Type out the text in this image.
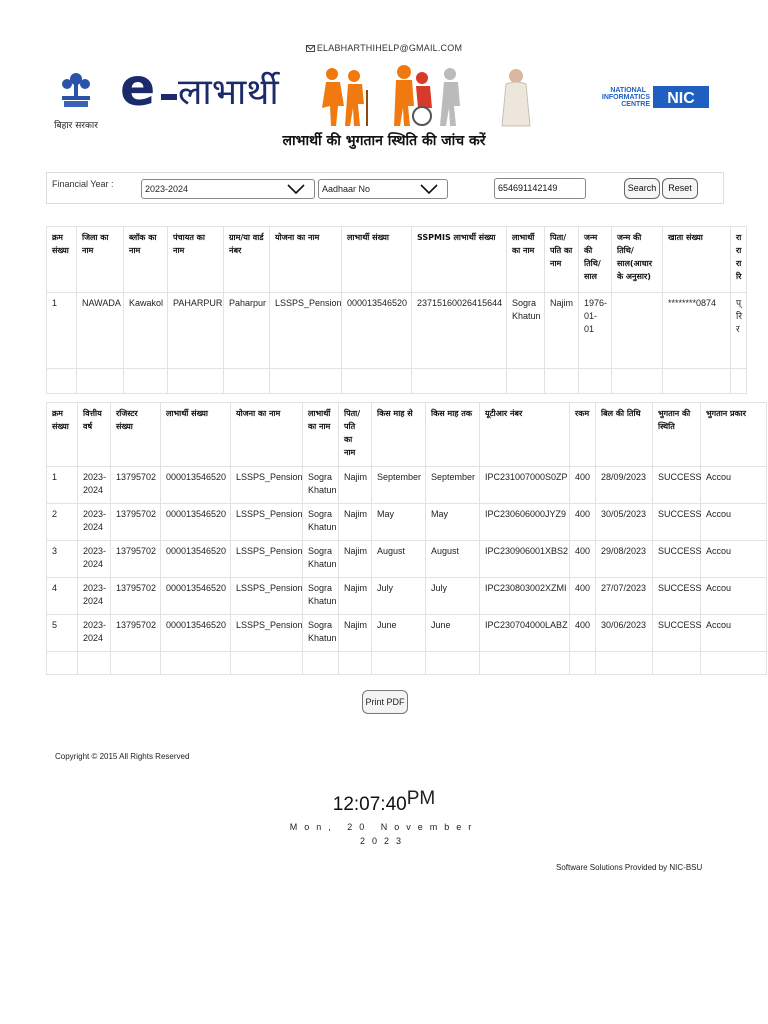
ELABHARTHIHELP@GMAIL.COM
बिहार सरकार
e लाभार्थी	NATIONAL
INFORMATICS
CENTRE NIC
लाभार्थी की भुगतान स्थिति की जांच करें
Financial Year :	2023-2024	Aadhaar No	654691142149	Search	Reset
क्रम संख्या	जिला का नाम	ब्लॉक का नाम	पंचायत का नाम	ग्राम/या वार्ड नंबर	योजना का नाम	लाभार्थी संख्या	SSPMIS लाभार्थी संख्या	लाभार्थी का नाम	पिता/ पति का नाम	जन्म की तिथि/ साल	जन्म की तिथि/ साल(आधार के अनुसार)	खाता संख्या	रा रा रा रि
1	NAWADA	Kawakol	PAHARPUR	Paharpur	LSSPS_Pension	000013546520	23715160026415644	Sogra Khatun	Najim	1976-01-01		********0874	प् रि र

क्रम संख्या	वित्तीय वर्ष	रजिस्टर संख्या	लाभार्थी संख्या	योजना का नाम	लाभार्थी का नाम	पिता/ पति का नाम	किस माह से	किस माह तक	यूटीआर नंबर	रकम	बिल की तिथि	भुगतान की स्थिति	भुगतान प्रकार
1	2023-2024	13795702	000013546520	LSSPS_Pension	Sogra Khatun	Najim	September	September	IPC231007000S0ZP	400	28/09/2023	SUCCESS	Accou
2	2023-2024	13795702	000013546520	LSSPS_Pension	Sogra Khatun	Najim	May	May	IPC230606000JYZ9	400	30/05/2023	SUCCESS	Accou
3	2023-2024	13795702	000013546520	LSSPS_Pension	Sogra Khatun	Najim	August	August	IPC230906001XBS2	400	29/08/2023	SUCCESS	Accou
4	2023-2024	13795702	000013546520	LSSPS_Pension	Sogra Khatun	Najim	July	July	IPC230803002XZMI	400	27/07/2023	SUCCESS	Accou
5	2023-2024	13795702	000013546520	LSSPS_Pension	Sogra Khatun	Najim	June	June	IPC230704000LABZ	400	30/06/2023	SUCCESS	Accou

Print PDF
Copyright © 2015 All Rights Reserved
12:07:40PM
Mon, 20 November
2023
Software Solutions Provided by NIC-BSU
